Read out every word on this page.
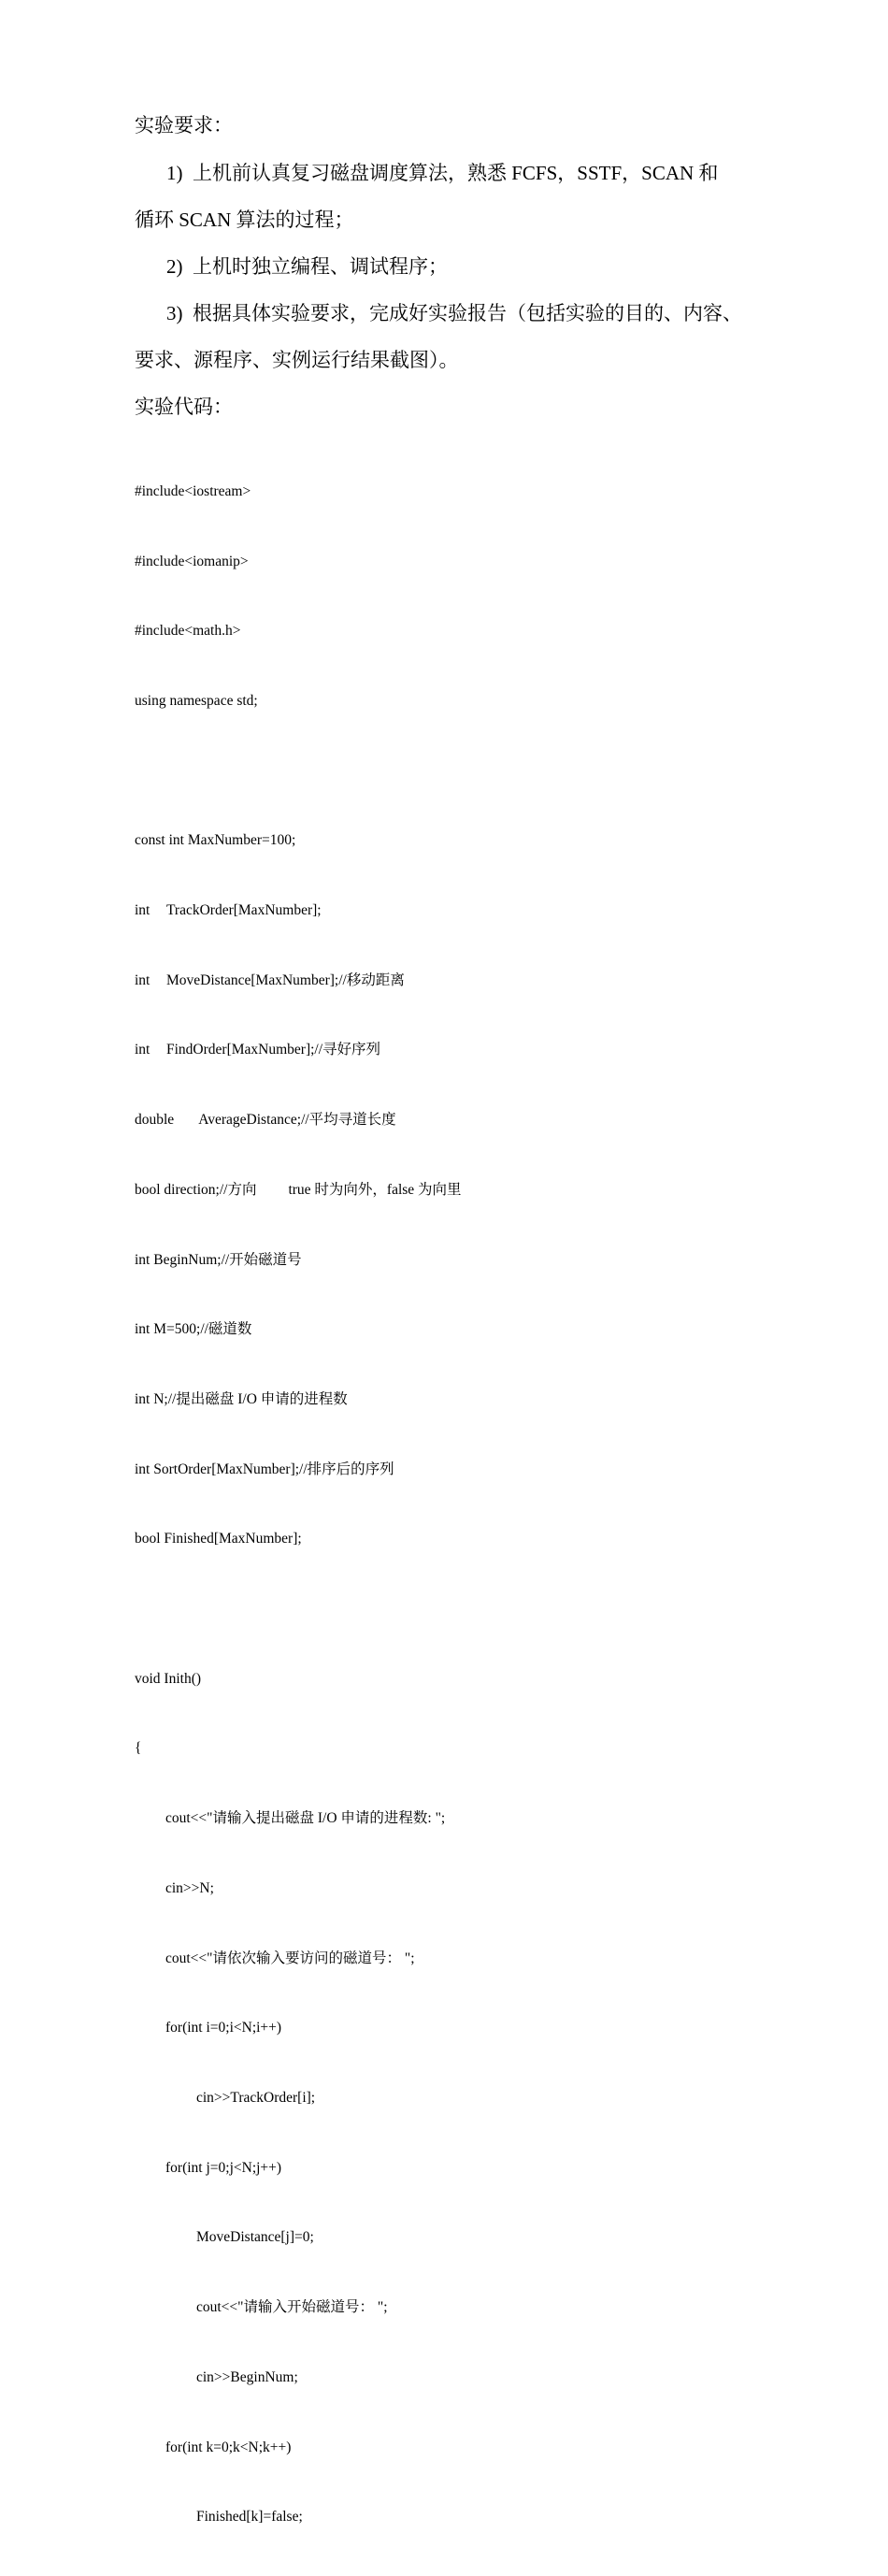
实验要求：
1) 上机前认真复习磁盘调度算法，熟悉 FCFS，SSTF，SCAN 和
循环 SCAN 算法的过程；
2) 上机时独立编程、调试程序；
3) 根据具体实验要求，完成好实验报告（包括实验的目的、内容、
要求、源程序、实例运行结果截图）。
实验代码：

#include<iostream>

#include<iomanip>

#include<math.h>

using namespace std;

const int MaxNumber=100;

int TrackOrder[MaxNumber];

int MoveDistance[MaxNumber];//移动距离

int FindOrder[MaxNumber];//寻好序列

double AverageDistance;//平均寻道长度

bool direction;//方向 true 时为向外，false 为向里

int BeginNum;//开始磁道号

int M=500;//磁道数

int N;//提出磁盘 I/O 申请的进程数

int SortOrder[MaxNumber];//排序后的序列

bool Finished[MaxNumber];

void Inith()

{

cout<<"请输入提出磁盘 I/O 申请的进程数: ";

cin>>N;

cout<<"请依次输入要访问的磁道号： ";

for(int i=0;i<N;i++)

cin>>TrackOrder[i];

for(int j=0;j<N;j++)

MoveDistance[j]=0;

cout<<"请输入开始磁道号： ";

cin>>BeginNum;

for(int k=0;k<N;k++)

Finished[k]=false;
